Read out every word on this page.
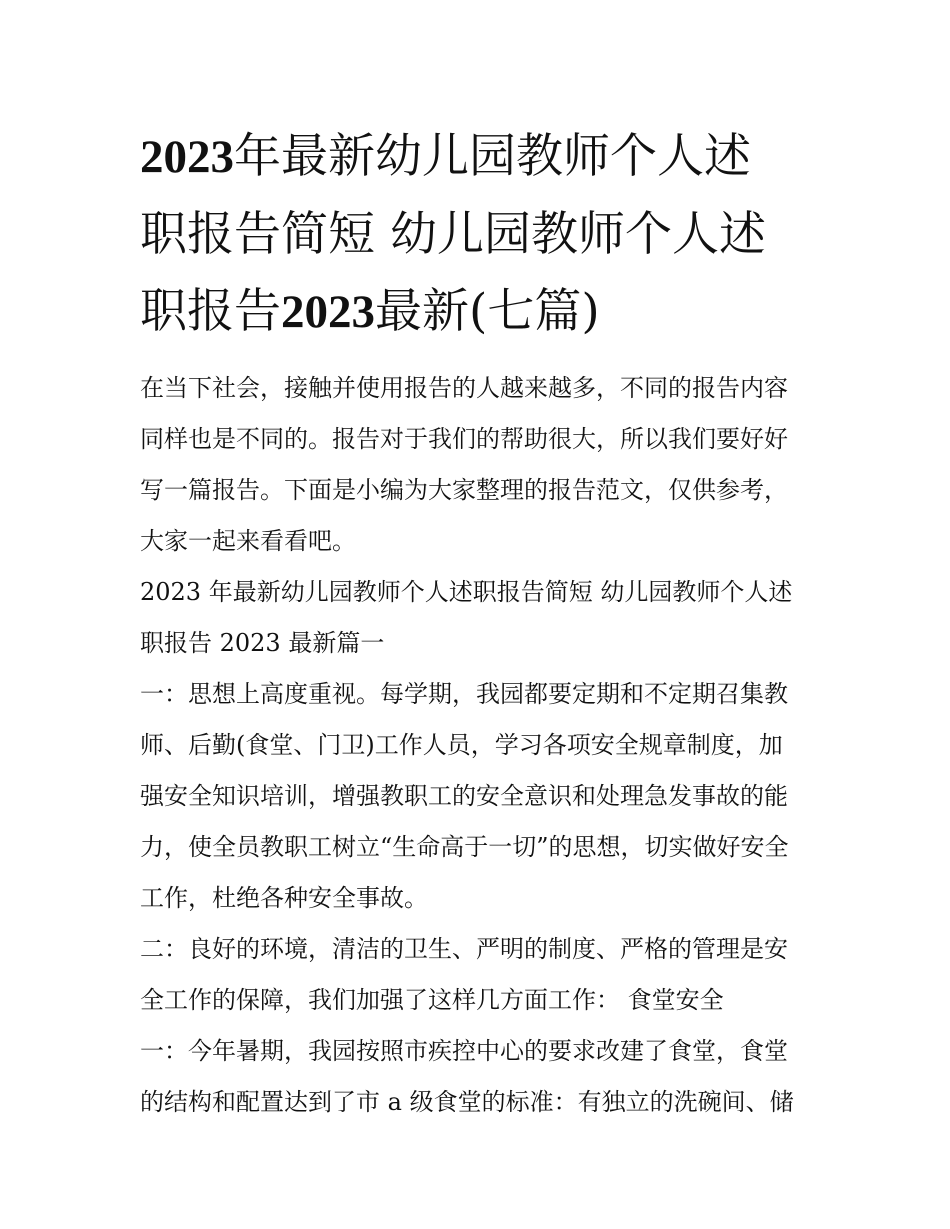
2023年最新幼儿园教师个人述
职报告简短 幼儿园教师个人述
职报告2023最新(七篇)

在当下社会，接触并使用报告的人越来越多，不同的报告内容
同样也是不同的。报告对于我们的帮助很大，所以我们要好好
写一篇报告。下面是小编为大家整理的报告范文，仅供参考，
大家一起来看看吧。

2023 年最新幼儿园教师个人述职报告简短 幼儿园教师个人述
职报告 2023 最新篇一

一：思想上高度重视。每学期，我园都要定期和不定期召集教
师、后勤(食堂、门卫)工作人员，学习各项安全规章制度，加
强安全知识培训，增强教职工的安全意识和处理急发事故的能
力，使全员教职工树立“生命高于一切”的思想，切实做好安全
工作，杜绝各种安全事故。

二：良好的环境，清洁的卫生、严明的制度、严格的管理是安
全工作的保障，我们加强了这样几方面工作： 食堂安全

一：今年暑期，我园按照市疾控中心的要求改建了食堂，食堂
的结构和配置达到了市 a 级食堂的标准：有独立的洗碗间、储
